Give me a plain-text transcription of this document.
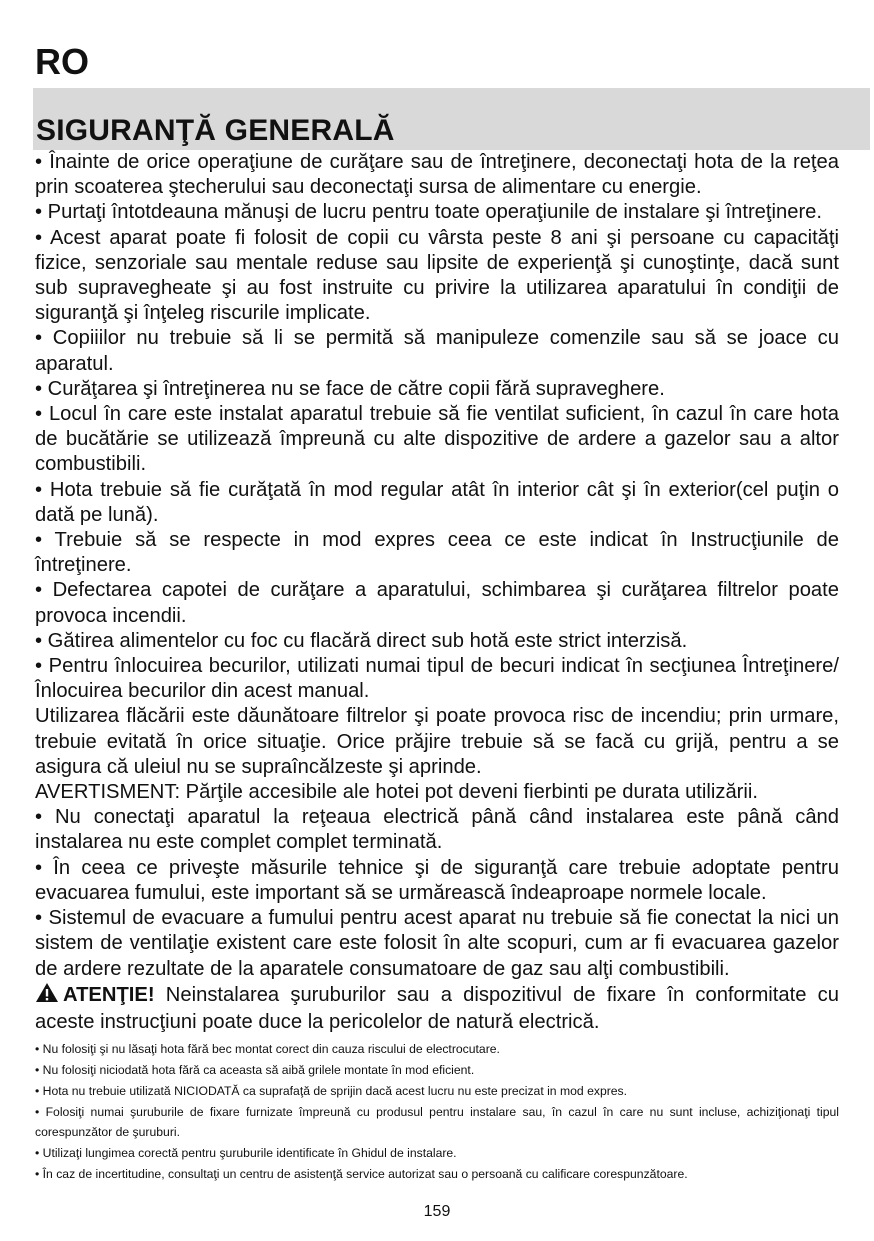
RO
SIGURANŢĂ GENERALĂ

• Înainte de orice operaţiune de curăţare sau de întreţinere, deconectaţi hota de la reţea prin scoaterea ştecherului sau deconectaţi sursa de alimentare cu energie.

• Purtaţi întotdeauna mănuşi de lucru pentru toate operaţiunile de instalare şi întreţinere.

• Acest aparat poate fi folosit de copii cu vârsta peste 8 ani şi persoane cu capacităţi fizice, senzoriale sau mentale reduse sau lipsite de experienţă şi cunoştinţe, dacă sunt sub supravegheate şi au fost instruite cu privire la utilizarea aparatului în condiţii de siguranţă şi înţeleg riscurile implicate.

• Copiiilor nu trebuie să li se permită să manipuleze comenzile sau să se joace cu aparatul.

• Curăţarea şi întreţinerea nu se face de către copii fără supraveghere.

• Locul în care este instalat aparatul trebuie să fie ventilat suficient, în cazul în care hota de bucătărie se utilizează împreună cu alte dispozitive de ardere a gazelor sau a altor combustibili.

• Hota trebuie să fie curăţată în mod regular atât în interior cât şi în exterior(cel puţin o dată pe lună).

• Trebuie să se respecte in mod expres ceea ce este indicat în Instrucţiunile de întreţinere.

• Defectarea capotei de curăţare a aparatului, schimbarea şi curăţarea filtrelor poate provoca incendii.

• Gătirea alimentelor cu foc cu flacără direct sub hotă este strict interzisă.

• Pentru înlocuirea becurilor, utilizati numai tipul de becuri indicat în secţiunea Întreţinere/Înlocuirea becurilor din acest manual.

Utilizarea flăcării este dăunătoare filtrelor şi poate provoca risc de incendiu; prin urmare, trebuie evitată în orice situaţie. Orice prăjire trebuie să se facă cu grijă, pentru a se asigura că uleiul nu se supraîncălzeste şi aprinde.

AVERTISMENT: Părţile accesibile ale hotei pot deveni fierbinti pe durata utilizării.

• Nu conectaţi aparatul la reţeaua electrică până când instalarea este până când instalarea nu este complet complet terminată.

• În ceea ce priveşte măsurile tehnice şi de siguranţă care trebuie adoptate pentru evacuarea fumului, este important să se urmărească îndeaproape normele locale.

• Sistemul de evacuare a fumului pentru acest aparat nu trebuie să fie conectat la nici un sistem de ventilaţie existent care este folosit în alte scopuri, cum ar fi evacuarea gazelor de ardere rezultate de la aparatele consumatoare de gaz sau alţi combustibili.

ATENŢIE! Neinstalarea şuruburilor sau a dispozitivul de fixare în conformitate cu aceste instrucţiuni poate duce la pericolelor de natură electrică.

• Nu folosiţi şi nu lăsaţi hota fără bec montat corect din cauza riscului de electrocutare.

• Nu folosiţi niciodată hota fără ca aceasta să aibă grilele montate în mod eficient.

• Hota nu trebuie utilizată NICIODATĂ ca suprafaţă de sprijin dacă acest lucru nu este precizat in mod expres.

• Folosiţi numai şuruburile de fixare furnizate împreună cu produsul pentru instalare sau, în cazul în care nu sunt incluse, achiziţionaţi tipul corespunzător de şuruburi.

• Utilizaţi lungimea corectă pentru şuruburile identificate în Ghidul de instalare.

• În caz de incertitudine, consultaţi un centru de asistenţă service autorizat sau o persoană cu calificare corespunzătoare.

159
